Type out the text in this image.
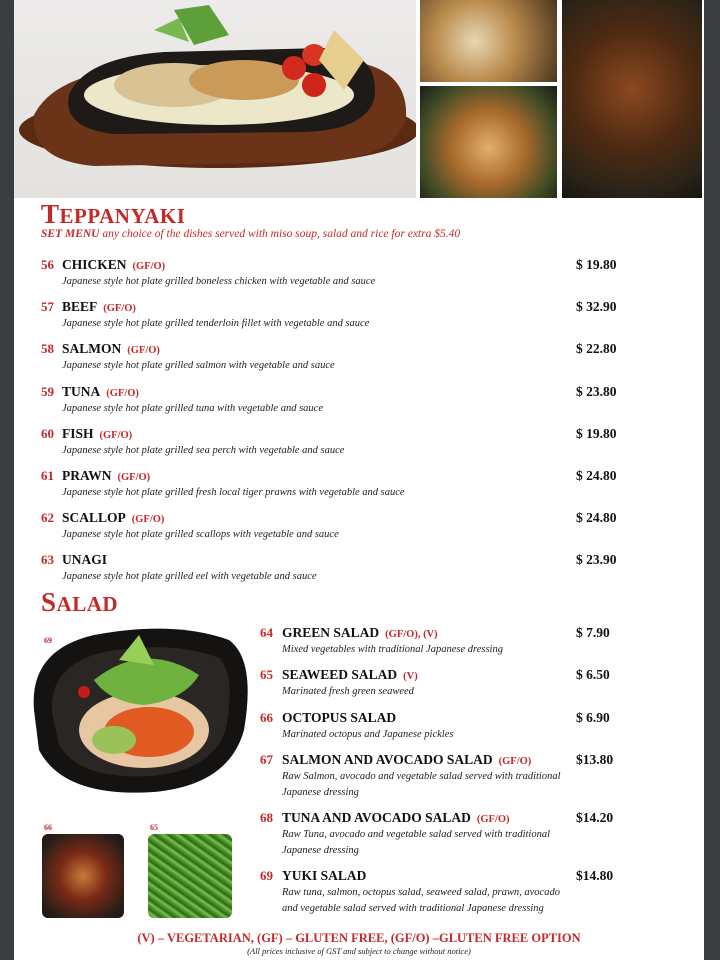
TEPPANYAKI
SET MENU any choice of the dishes served with miso soup, salad and rice for extra $5.40
56 CHICKEN (GF/O)
Japanese style hot plate grilled boneless chicken with vegetable and sauce
$ 19.80
57 BEEF (GF/O)
Japanese style hot plate grilled tenderloin fillet with vegetable and sauce
$ 32.90
58 SALMON (GF/O)
Japanese style hot plate grilled salmon with vegetable and sauce
$ 22.80
59 TUNA (GF/O)
Japanese style hot plate grilled tuna with vegetable and sauce
$ 23.80
60 FISH (GF/O)
Japanese style hot plate grilled sea perch with vegetable and sauce
$ 19.80
61 PRAWN (GF/O)
Japanese style hot plate grilled fresh local tiger prawns with vegetable and sauce
$ 24.80
62 SCALLOP (GF/O)
Japanese style hot plate grilled scallops with vegetable and sauce
$ 24.80
63 UNAGI
Japanese style hot plate grilled eel with vegetable and sauce
$ 23.90
SALAD
69
66	65
64 GREEN SALAD (GF/O), (V)
Mixed vegetables with traditional Japanese dressing
$ 7.90
65 SEAWEED SALAD (V)
Marinated fresh green seaweed
$ 6.50
66 OCTOPUS SALAD
Marinated octopus and Japanese pickles
$ 6.90
67 SALMON AND AVOCADO SALAD (GF/O)
Raw Salmon, avocado and vegetable salad served with traditional Japanese dressing
$13.80
68 TUNA AND AVOCADO SALAD (GF/O)
Raw Tuna, avocado and vegetable salad served with traditional Japanese dressing
$14.20
69 YUKI SALAD
Raw tuna, salmon, octopus salad, seaweed salad, prawn, avocado and vegetable salad served with traditional Japanese dressing
$14.80
(V) – VEGETARIAN, (GF) – GLUTEN FREE, (GF/O) –GLUTEN FREE OPTION
(All prices inclusive of GST and subject to change without notice)
